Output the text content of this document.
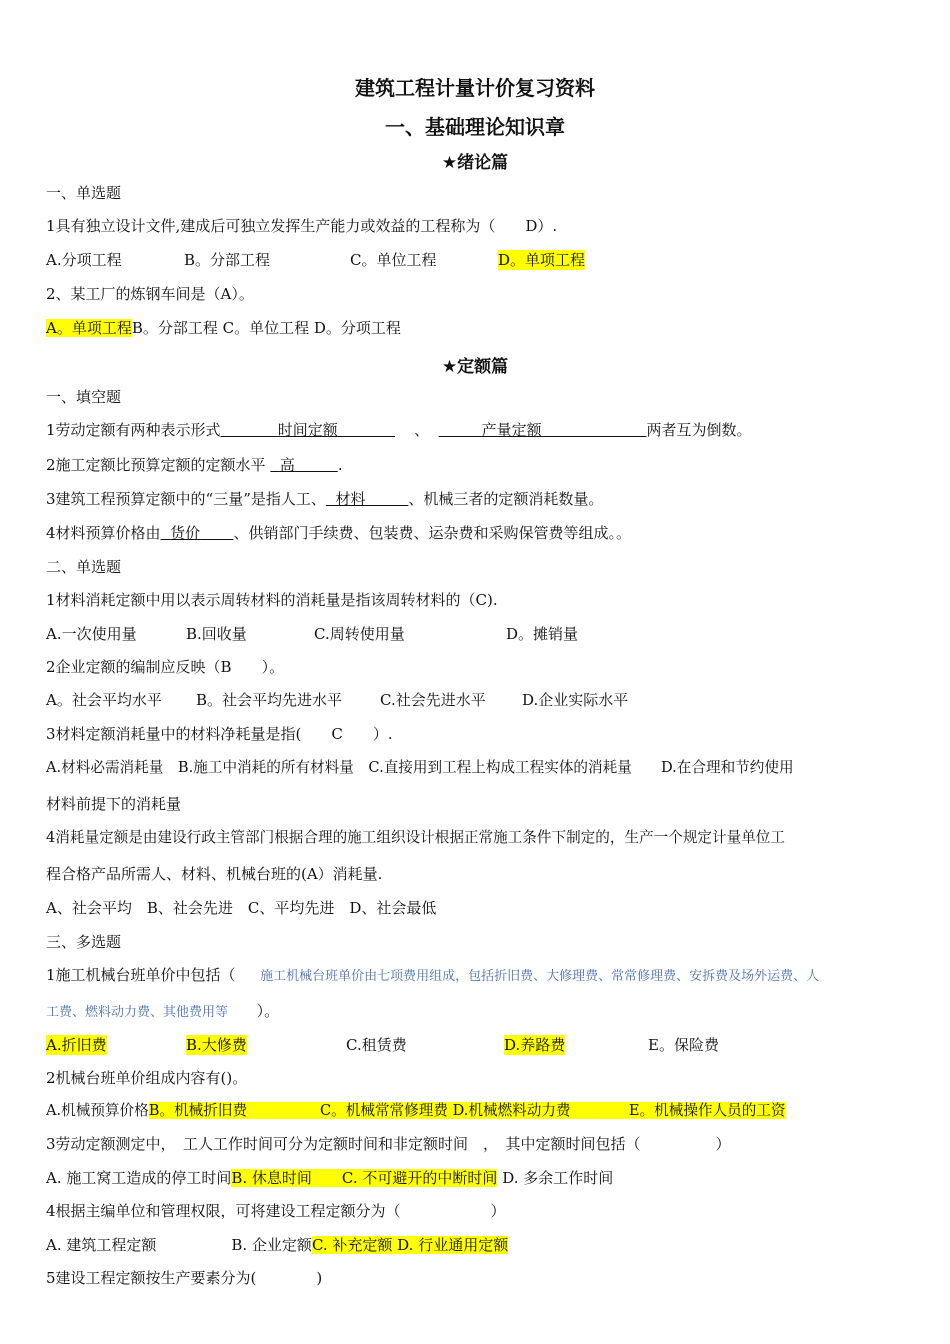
建筑工程计量计价复习资料
一、基础理论知识章
★绪论篇
一、单选题
1具有独立设计文件,建成后可独立发挥生产能力或效益的工程称为（　　D）.
A.分项工程	B。分部工程	C。单位工程	D。单项工程
2、某工厂的炼钢车间是（A）。
A。单项工程B。分部工程 C。单位工程 D。分项工程
★定额篇
一、填空题
1劳动定额有两种表示形式	时间定额	、	产量定额	两者互为倒数。
2施工定额比预算定额的定额水平   高	.
3建筑工程预算定额中的“三量”是指人工、 材料	、机械三者的定额消耗数量。
4材料预算价格由 货价 、供销部门手续费、包装费、运杂费和采购保管费等组成。。
二、单选题
1材料消耗定额中用以表示周转材料的消耗量是指该周转材料的（C).
A.一次使用量	B.回收量	C.周转使用量	D。摊销量
2企业定额的编制应反映（B　　）。
A。社会平均水平 B。社会平均先进水平	C.社会先进水平 D.企业实际水平
3材料定额消耗量中的材料净耗量是指(　　C　　）.
A.材料必需消耗量　B.施工中消耗的所有材料量　C.直接用到工程上构成工程实体的消耗量　　D.在合理和节约使用
材料前提下的消耗量
4消耗量定额是由建设行政主管部门根据合理的施工组织设计根据正常施工条件下制定的，生产一个规定计量单位工
程合格产品所需人、材料、机械台班的(A）消耗量.
A、社会平均　B、社会先进　C、平均先进　D、社会最低
三、多选题
1施工机械台班单价中包括（　  施工机械台班单价由七项费用组成，包括折旧费、大修理费、常常修理费、安拆费及场外运费、人
工费、燃料动力费、其他费用等 ）。
A.折旧费	B.大修费	C.租赁费	D.养路费	E。保险费
2机械台班单价组成内容有()。
A.机械预算价格B。机械折旧费　　　　　C。机械常常修理费 D.机械燃料动力费　　　　E。机械操作人员的工资
3劳动定额测定中，　工人工作时间可分为定额时间和非定额时间　，　其中定额时间包括（　　　　　）
A. 施工窝工造成的停工时间B. 休息时间　　C. 不可避开的中断时间 D. 多余工作时间
4根据主编单位和管理权限，可将建设工程定额分为（　　　　　　）
A. 建筑工程定额　　　　　B. 企业定额C. 补充定额 D. 行业通用定额
5建设工程定额按生产要素分为(　　　　)
